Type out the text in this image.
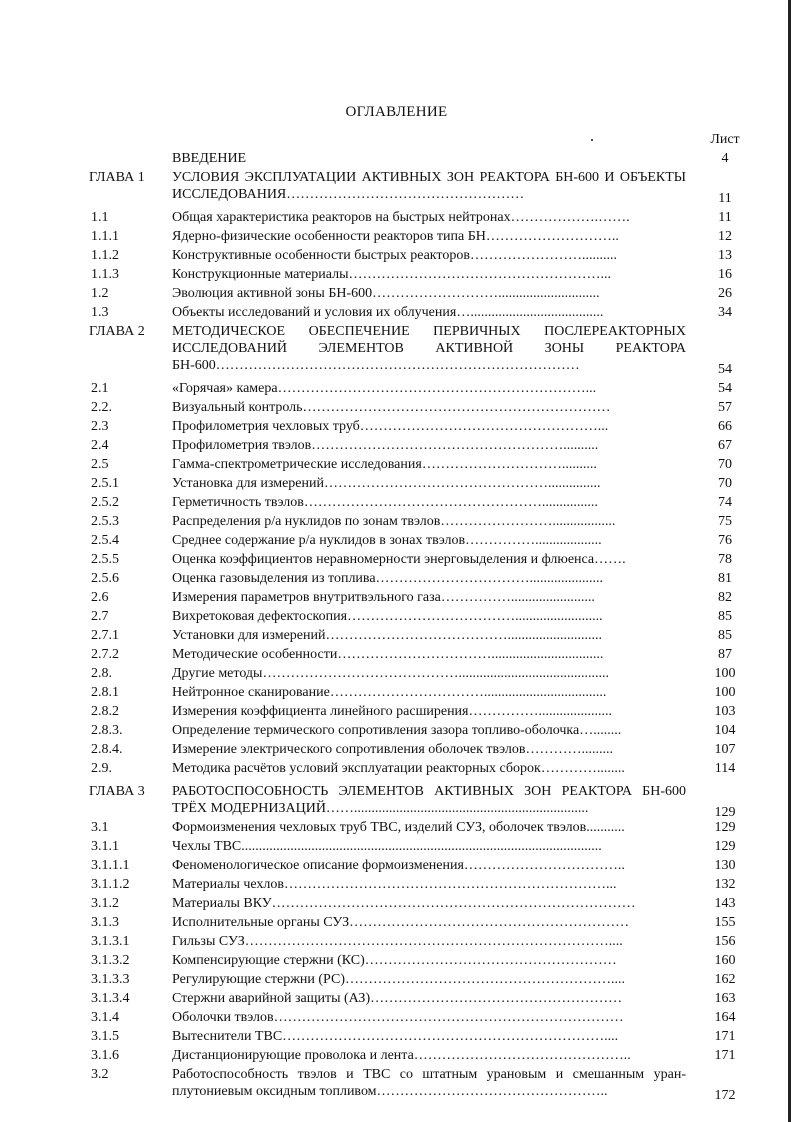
ОГЛАВЛЕНИЕ
Лист
ВВЕДЕНИЕ	4
ГЛАВА 1 УСЛОВИЯ ЭКСПЛУАТАЦИИ АКТИВНЫХ ЗОН РЕАКТОРА БН-600 И ОБЪЕКТЫ ИССЛЕДОВАНИЯ……………………………………………	11
1.1	Общая характеристика реакторов на быстрых нейтронах……………….…….	11
1.1.1	Ядерно-физические особенности реакторов типа БН………………………..	12
1.1.2	Конструктивные особенности быстрых реакторов……………………..........	13
1.1.3	Конструкционные материалы………………………………………………...	16
1.2	Эволюция активной зоны БН-600……………………….............................	26
1.3	Объекты исследований и условия их облучения…......................................	34
ГЛАВА 2 МЕТОДИЧЕСКОЕ ОБЕСПЕЧЕНИЕ ПЕРВИЧНЫХ ПОСЛЕРЕАКТОРНЫХ ИССЛЕДОВАНИЙ ЭЛЕМЕНТОВ АКТИВНОЙ ЗОНЫ РЕАКТОРА БН-600……………………………………………………………………	54
2.1	«Горячая» камера…………………………………………………………...	54
2.2.	Визуальный контроль…………………………………………………………	57
2.3	Профилометрия чехловых труб……………………………………………...	66
2.4	Профилометрия твэлов………………………………………………..........	67
2.5	Гамма-спектрометрические исследования…………………………..........	70
2.5.1	Установка для измерений…………………………………………...............	70
2.5.2	Герметичность твэлов……………………………………………................	74
2.5.3	Распределения р/а нуклидов по зонам твэлов……………………..................	75
2.5.4	Среднее содержание р/а нуклидов в зонах твэлов……………...................	76
2.5.5	Оценка коэффициентов неравномерности энерговыделения и флюенса…….	78
2.5.6	Оценка газовыделения из топлива…………………………….....................	81
2.6	Измерения параметров внутритвэльного газа……………........................	82
2.7	Вихретоковая дефектоскопия……………………………….........................	85
2.7.1	Установки для измерений…………………………………...........................	85
2.7.2	Методические особенности……………………………................................	87
2.8.	Другие методы……………………………………...........................................	100
2.8.1	Нейтронное сканирование……………………………...................................	100
2.8.2	Измерения коэффициента линейного расширения…………….....................	103
2.8.3.	Определение термического сопротивления зазора топливо-оболочка…........	104
2.8.4.	Измерение электрического сопротивления оболочек твэлов………….........	107
2.9.	Методика расчётов условий эксплуатации реакторных сборок…………........	114
ГЛАВА 3 РАБОТОСПОСОБНОСТЬ ЭЛЕМЕНТОВ АКТИВНЫХ ЗОН РЕАКТОРА БН-600 ТРЁХ МОДЕРНИЗАЦИЙ……...................................................................	129
3.1	Формоизменения чехловых труб ТВС, изделий СУЗ, оболочек твэлов...........	129
3.1.1	Чехлы ТВС.......................................................................................................	129
3.1.1.1	Феноменологическое описание формоизменения……………………………..	130
3.1.1.2	Материалы чехлов……………………………………………………………...	132
3.1.2	Материалы ВКУ……………………………………………………………………	143
3.1.3	Исполнительные органы СУЗ……………………………………………………	155
3.1.3.1	Гильзы СУЗ……………………………………………………………………....	156
3.1.3.2	Компенсирующие стержни (КС)………………………………………………	160
3.1.3.3	Регулирующие стержни (РС)…………………………………………………....	162
3.1.3.4	Стержни аварийной защиты (АЗ)………………………………………………	163
3.1.4	Оболочки твэлов…………………………………………………………………	164
3.1.5	Вытеснители ТВС……………………………………………………………....	171
3.1.6	Дистанционирующие проволока и лента………………………………………..	171
3.2	Работоспособность твэлов и ТВС со штатным урановым и смешанным уран-плутониевым оксидным топливом…………………………………………..	172
